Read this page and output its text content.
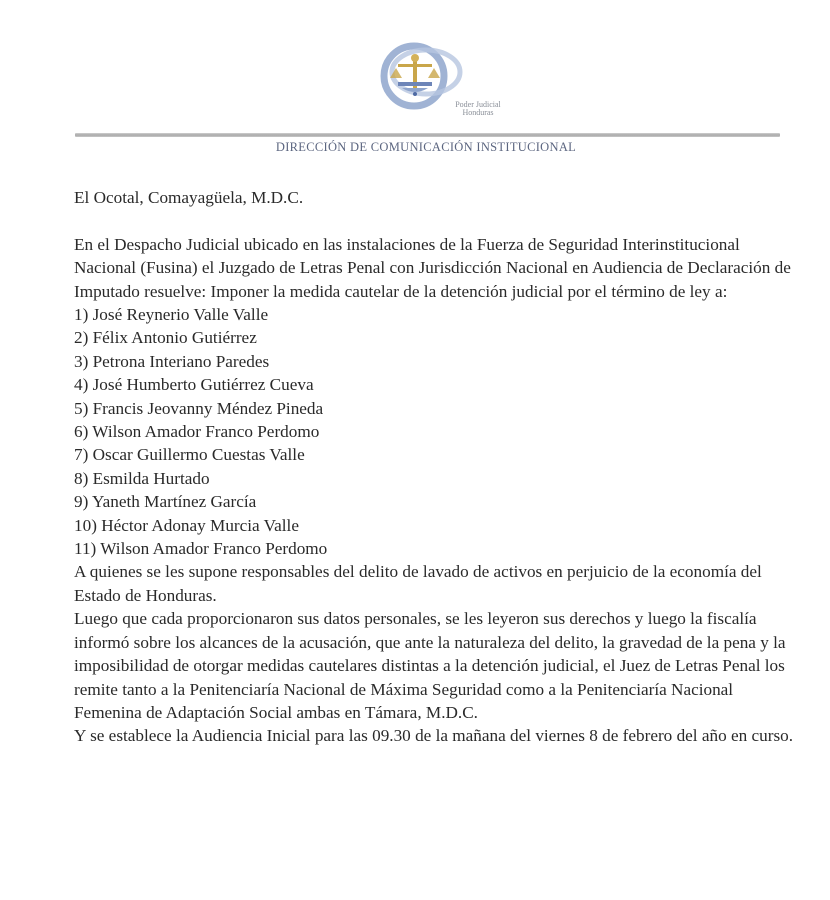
Poder Judicial
Honduras
DIRECCIÓN DE COMUNICACIÓN INSTITUCIONAL

El Ocotal, Comayagüela, M.D.C.

En el Despacho Judicial ubicado en las instalaciones de la Fuerza de Seguridad Interinstitucional Nacional (Fusina) el Juzgado de Letras Penal con Jurisdicción Nacional en Audiencia de Declaración de Imputado resuelve: Imponer la medida cautelar de la detención judicial por el término de ley a:

1) José Reynerio Valle Valle
2) Félix Antonio Gutiérrez
3) Petrona Interiano Paredes
4) José Humberto Gutiérrez Cueva
5) Francis Jeovanny Méndez Pineda
6) Wilson Amador Franco Perdomo
7) Oscar Guillermo Cuestas Valle
8) Esmilda Hurtado
9) Yaneth Martínez García
10) Héctor Adonay Murcia Valle
11) Wilson Amador Franco Perdomo

A quienes se les supone responsables del delito de lavado de activos en perjuicio de la economía del Estado de Honduras.

Luego que cada proporcionaron sus datos personales, se les leyeron sus derechos y luego la fiscalía informó sobre los alcances de la acusación, que ante la naturaleza del delito, la gravedad de la pena y la imposibilidad de otorgar medidas cautelares distintas a la detención judicial, el Juez de Letras Penal los remite tanto a la Penitenciaría Nacional de Máxima Seguridad como a la Penitenciaría Nacional Femenina de Adaptación Social ambas en Támara, M.D.C.

Y se establece la Audiencia Inicial para las 09.30 de la mañana del viernes 8 de febrero del año en curso.
